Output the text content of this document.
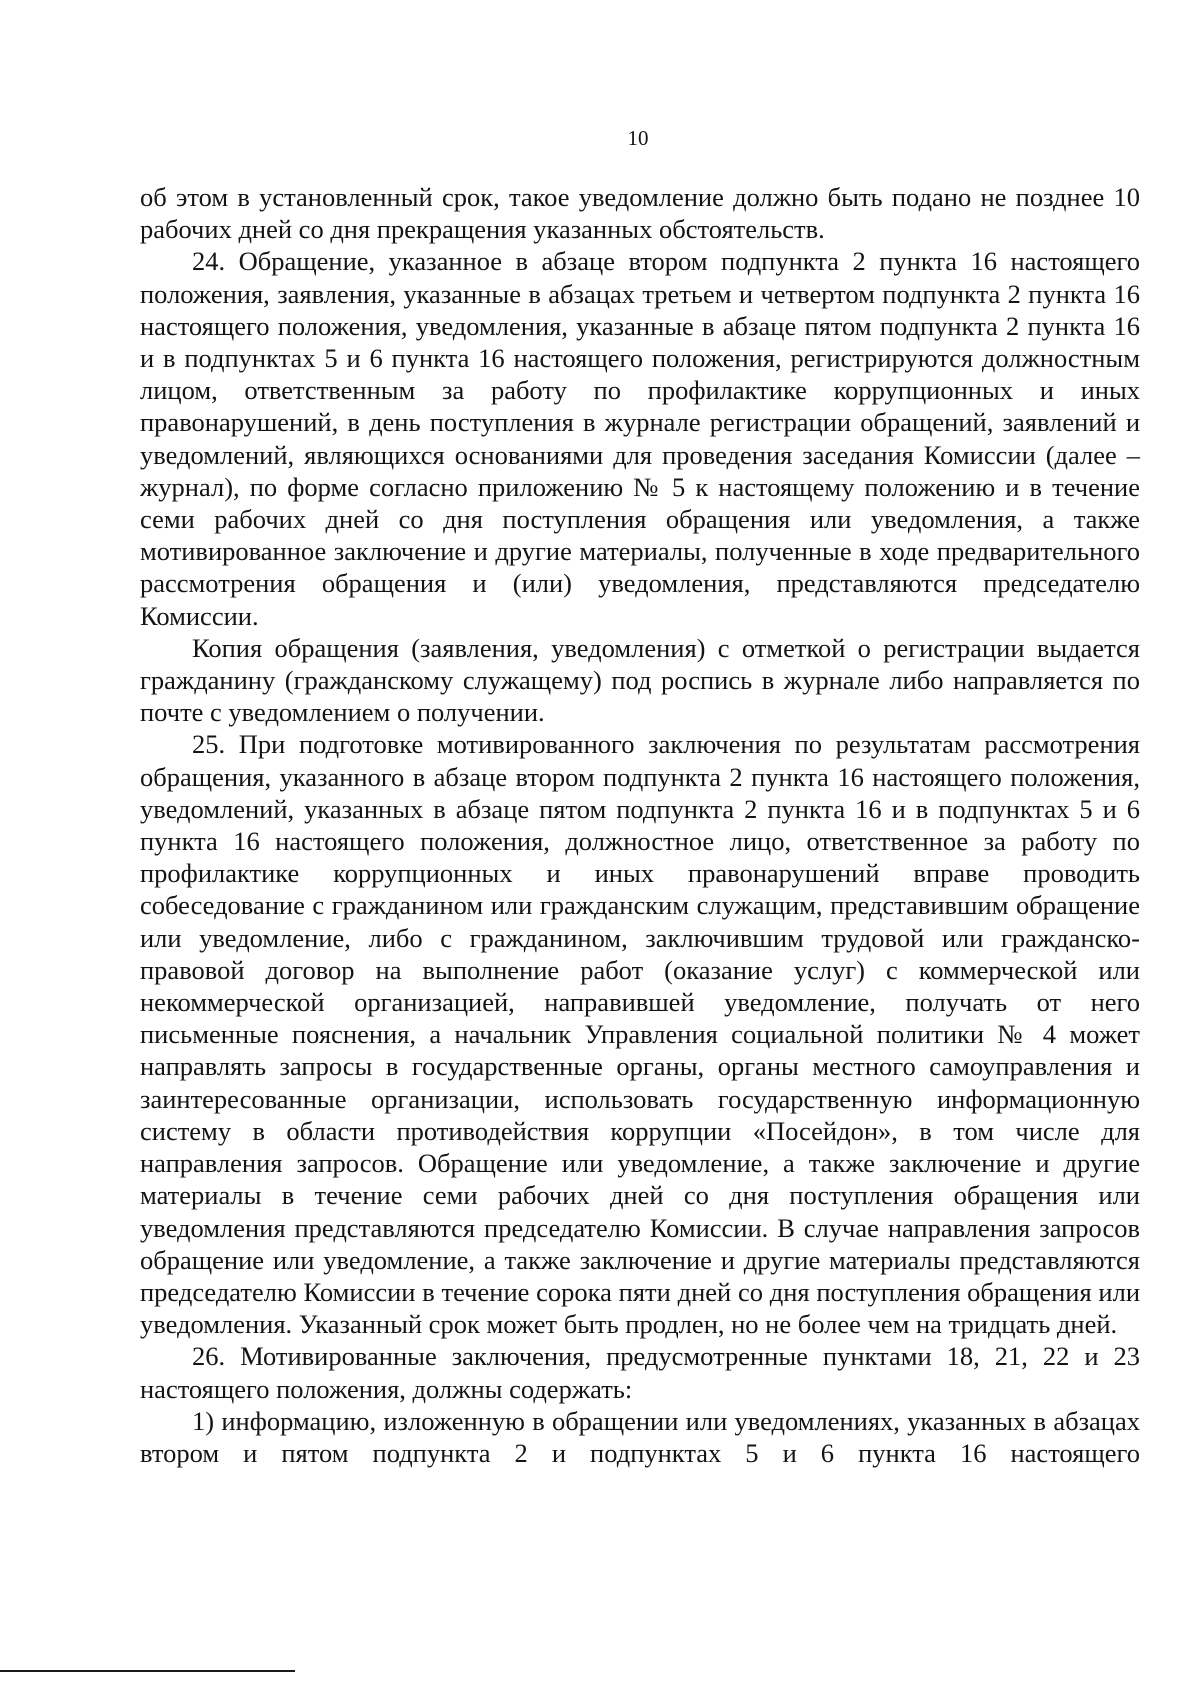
10

об этом в установленный срок, такое уведомление должно быть подано не позднее 10 рабочих дней со дня прекращения указанных обстоятельств.

24. Обращение, указанное в абзаце втором подпункта 2 пункта 16 настоящего положения, заявления, указанные в абзацах третьем и четвертом подпункта 2 пункта 16 настоящего положения, уведомления, указанные в абзаце пятом подпункта 2 пункта 16 и в подпунктах 5 и 6 пункта 16 настоящего положения, регистрируются должностным лицом, ответственным за работу по профилактике коррупционных и иных правонарушений, в день поступления в журнале регистрации обращений, заявлений и уведомлений, являющихся основаниями для проведения заседания Комиссии (далее – журнал), по форме согласно приложению № 5 к настоящему положению и в течение семи рабочих дней со дня поступления обращения или уведомления, а также мотивированное заключение и другие материалы, полученные в ходе предварительного рассмотрения обращения и (или) уведомления, представляются председателю Комиссии.

Копия обращения (заявления, уведомления) с отметкой о регистрации выдается гражданину (гражданскому служащему) под роспись в журнале либо направляется по почте с уведомлением о получении.

25. При подготовке мотивированного заключения по результатам рассмотрения обращения, указанного в абзаце втором подпункта 2 пункта 16 настоящего положения, уведомлений, указанных в абзаце пятом подпункта 2 пункта 16 и в подпунктах 5 и 6 пункта 16 настоящего положения, должностное лицо, ответственное за работу по профилактике коррупционных и иных правонарушений вправе проводить собеседование с гражданином или гражданским служащим, представившим обращение или уведомление, либо с гражданином, заключившим трудовой или гражданско-правовой договор на выполнение работ (оказание услуг) с коммерческой или некоммерческой организацией, направившей уведомление, получать от него письменные пояснения, а начальник Управления социальной политики № 4 может направлять запросы в государственные органы, органы местного самоуправления и заинтересованные организации, использовать государственную информационную систему в области противодействия коррупции «Посейдон», в том числе для направления запросов. Обращение или уведомление, а также заключение и другие материалы в течение семи рабочих дней со дня поступления обращения или уведомления представляются председателю Комиссии. В случае направления запросов обращение или уведомление, а также заключение и другие материалы представляются председателю Комиссии в течение сорока пяти дней со дня поступления обращения или уведомления. Указанный срок может быть продлен, но не более чем на тридцать дней.

26. Мотивированные заключения, предусмотренные пунктами 18, 21, 22 и 23 настоящего положения, должны содержать:

1) информацию, изложенную в обращении или уведомлениях, указанных в абзацах втором и пятом подпункта 2 и подпунктах 5 и 6 пункта 16 настоящего
